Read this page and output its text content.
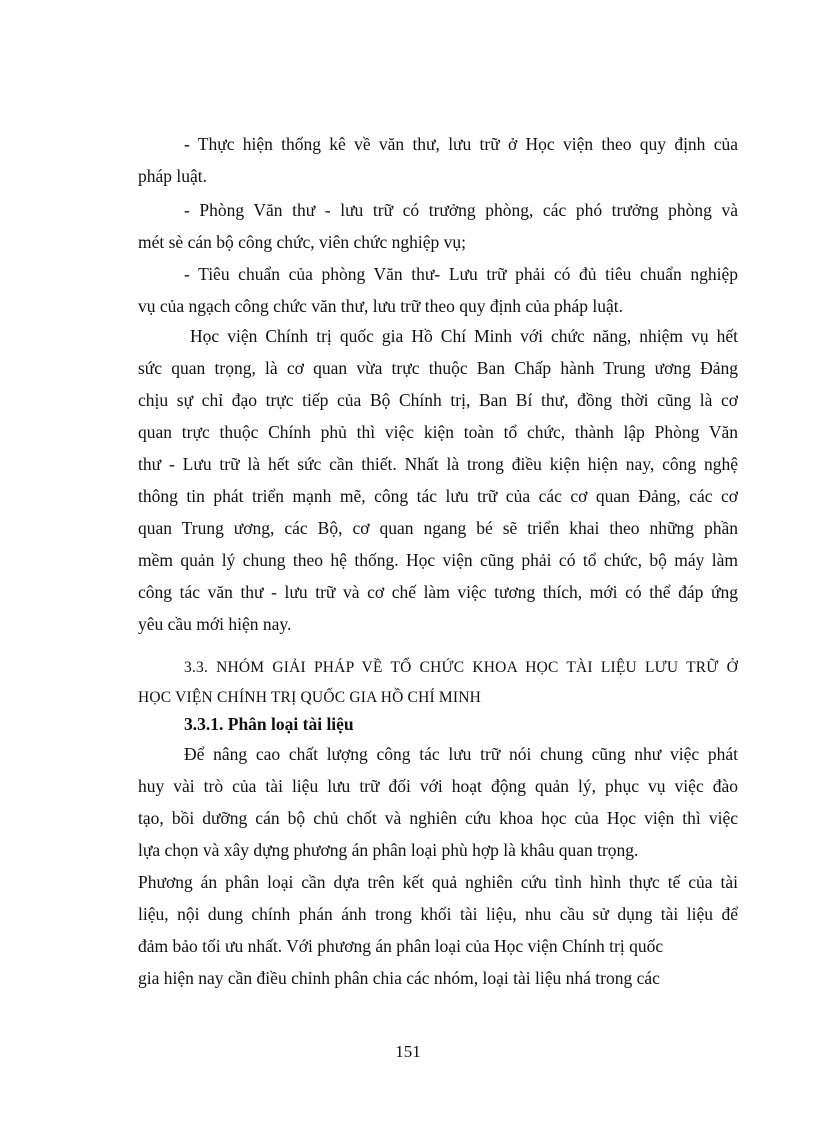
- Thực hiện thống kê về văn thư, lưu trữ ở Học viện theo quy định của
pháp luật.

- Phòng Văn thư - lưu trữ có trưởng phòng, các phó trưởng phòng và
mét sè cán bộ công chức, viên chức nghiệp vụ;

- Tiêu chuẩn của phòng Văn thư- Lưu trữ phải có đủ tiêu chuẩn nghiệp
vụ của ngạch công chức văn thư, lưu trữ theo quy định của pháp luật.

Học viện Chính trị quốc gia Hồ Chí Minh với chức năng, nhiệm vụ hết
sức quan trọng, là cơ quan vừa trực thuộc Ban Chấp hành Trung ương Đảng
chịu sự chỉ đạo trực tiếp của Bộ Chính trị, Ban Bí thư, đồng thời cũng là cơ
quan trực thuộc Chính phủ thì việc kiện toàn tổ chức, thành lập Phòng Văn
thư - Lưu trữ là hết sức cần thiết. Nhất là trong điều kiện hiện nay, công nghệ
thông tin phát triển mạnh mẽ, công tác lưu trữ của các cơ quan Đảng, các cơ
quan Trung ương, các Bộ, cơ quan ngang bé sẽ triển khai theo những phần
mềm quản lý chung theo hệ thống. Học viện cũng phải có tổ chức, bộ máy làm
công tác văn thư - lưu trữ và cơ chế làm việc tương thích, mới có thể đáp ứng
yêu cầu mới hiện nay.

3.3. NHÓM GIẢI PHÁP VỀ TỔ CHỨC KHOA HỌC TÀI LIỆU LƯU TRỮ Ở
HỌC VIỆN CHÍNH TRỊ QUỐC GIA HỒ CHÍ MINH

3.3.1. Phân loại tài liệu

Để nâng cao chất lượng công tác lưu trữ nói chung cũng như việc phát
huy vài trò của tài liệu lưu trữ đối với hoạt động quản lý, phục vụ việc đào
tạo, bồi dưỡng cán bộ chủ chốt và nghiên cứu khoa học của Học viện thì việc
lựa chọn và xây dựng phương án phân loại phù hợp là khâu quan trọng.
Phương án phân loại cần dựa trên kết quả nghiên cứu tình hình thực tế của tài
liệu, nội dung chính phán ánh trong khối tài liệu, nhu cầu sử dụng tài liệu để
đảm bảo tối ưu nhất. Với phương án phân loại của Học viện Chính trị quốc
gia hiện nay cần điều chỉnh phân chia các nhóm, loại tài liệu nhá trong các

151
